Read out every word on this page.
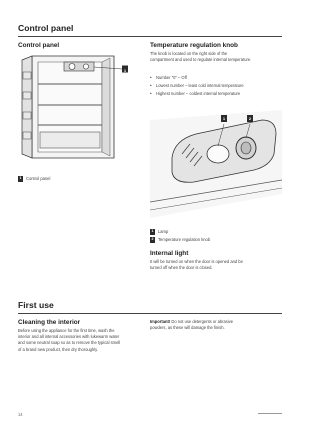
Control panel
Control panel
1
1	Control panel
Temperature regulation knob
The knob is located on the right side of the
compartment and used to regulate internal temperature.
• Number "0" – Off
• Lowest number – least cold internal temperature
• Highest number – coldest internal temperature
1	2
1	Lamp
2	Temperature regulation knob
Internal light
It will be turned on when the door is opened and be
turned off when the door is closed.
First use
Cleaning the interior
Before using the appliance for the first time, wash the
interior and all internal accessories with lukewarm water
and some neutral soap so as to remove the typical smell
of a brand new product, then dry thoroughly.
Important! Do not use detergents or abrasive
powders, as these will damage the finish.
14
